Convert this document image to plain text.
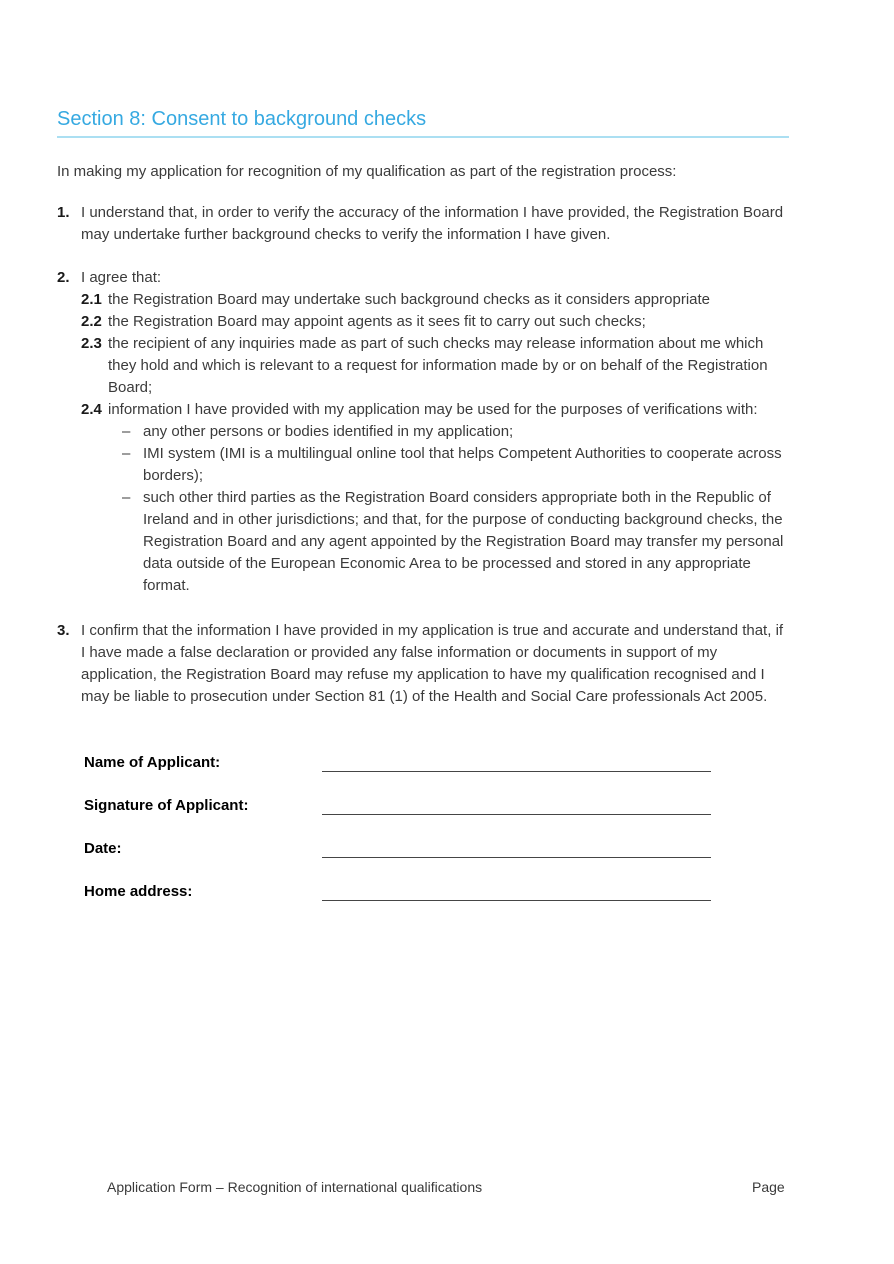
Section 8: Consent to background checks

In making my application for recognition of my qualification as part of the registration process:

1. I understand that, in order to verify the accuracy of the information I have provided, the Registration Board may undertake further background checks to verify the information I have given.
2. I agree that:
2.1 the Registration Board may undertake such background checks as it considers appropriate
2.2 the Registration Board may appoint agents as it sees fit to carry out such checks;
2.3 the recipient of any inquiries made as part of such checks may release information about me which they hold and which is relevant to a request for information made by or on behalf of the Registration Board;
2.4 information I have provided with my application may be used for the purposes of verifications with:
– any other persons or bodies identified in my application;
– IMI system (IMI is a multilingual online tool that helps Competent Authorities to cooperate across borders);
– such other third parties as the Registration Board considers appropriate both in the Republic of Ireland and in other jurisdictions; and that, for the purpose of conducting background checks, the Registration Board and any agent appointed by the Registration Board may transfer my personal data outside of the European Economic Area to be processed and stored in any appropriate format.
3. I confirm that the information I have provided in my application is true and accurate and understand that, if I have made a false declaration or provided any false information or documents in support of my application, the Registration Board may refuse my application to have my qualification recognised and I may be liable to prosecution under Section 81 (1) of the Health and Social Care professionals Act 2005.
Name of Applicant:
Signature of Applicant:
Date:
Home address:
Application Form – Recognition of international qualifications	Page
